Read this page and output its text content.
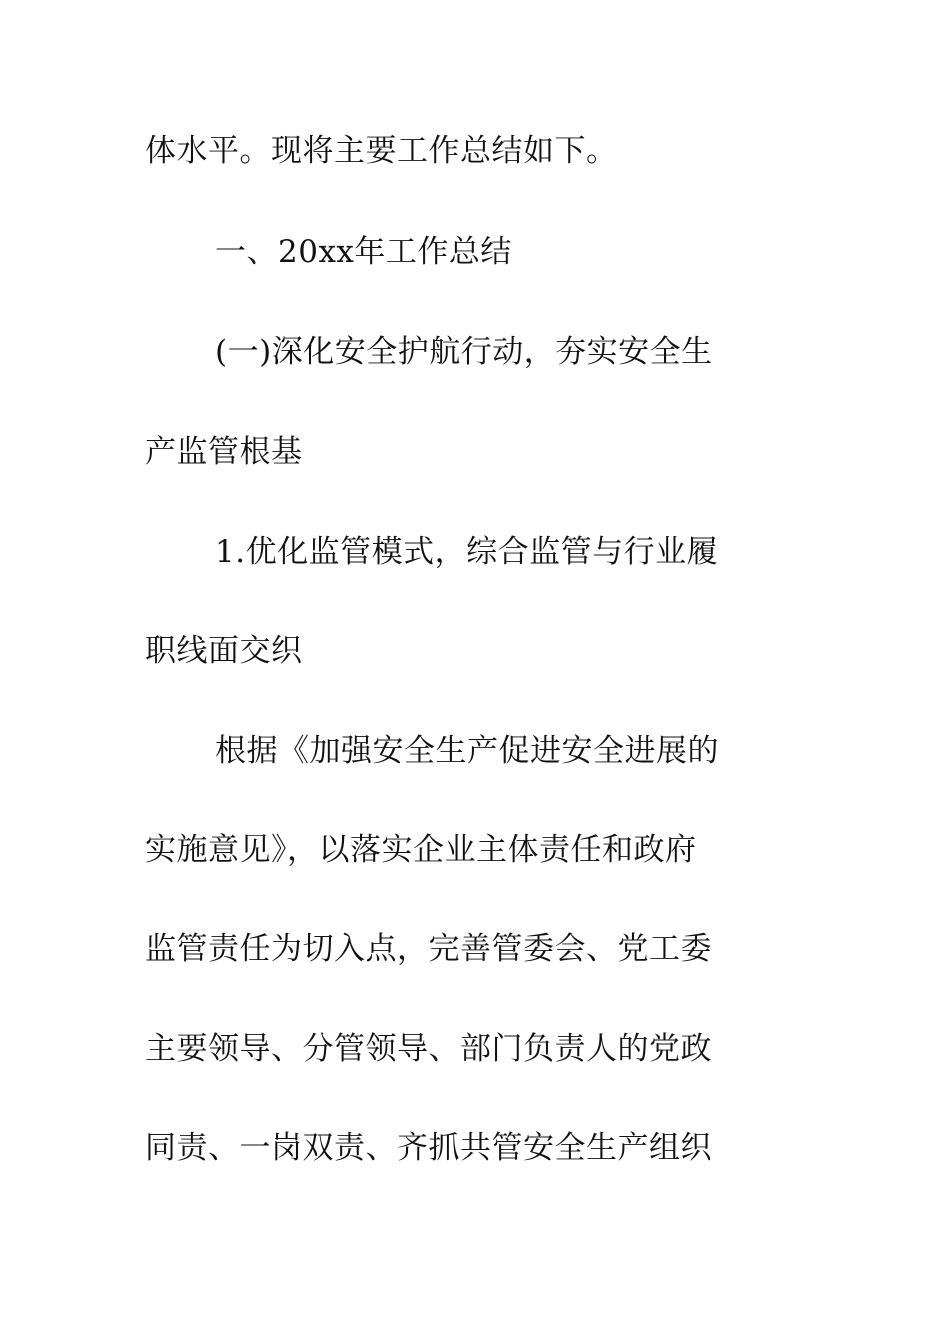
体水平。现将主要工作总结如下。
一、20xx年工作总结
(一)深化安全护航行动，夯实安全生
产监管根基
1.优化监管模式，综合监管与行业履
职线面交织
根据《加强安全生产促进安全进展的
实施意见》，以落实企业主体责任和政府
监管责任为切入点，完善管委会、党工委
主要领导、分管领导、部门负责人的党政
同责、一岗双责、齐抓共管安全生产组织
